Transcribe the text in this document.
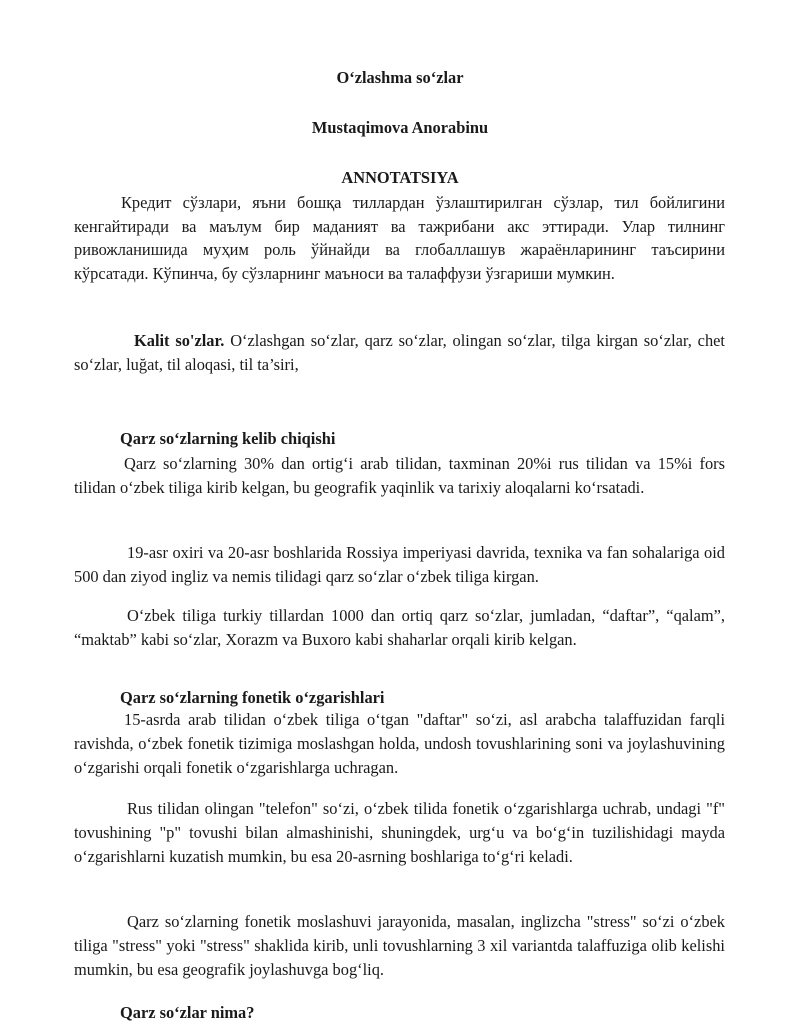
O‘zlashma so‘zlar
Mustaqimova Anorabinu
ANNOTATSIYA

Кредит сўзлари, яъни бошқа тиллардан ўзлаштирилган сўзлар, тил бойлигини кенгайтиради ва маълум бир маданият ва тажрибани акс эттиради. Улар тилнинг ривожланишида муҳим роль ўйнайди ва глобаллашув жараёнларининг таъсирини кўрсатади. Кўпинча, бу сўзларнинг маъноси ва талаффузи ўзгариши мумкин.

Kalit so'zlar. O‘zlashgan so‘zlar, qarz so‘zlar, olingan so‘zlar, tilga kirgan so‘zlar, chet so‘zlar, luğat, til aloqasi, til ta’siri,

Qarz so‘zlarning kelib chiqishi

Qarz so‘zlarning 30% dan ortig‘i arab tilidan, taxminan 20%i rus tilidan va 15%i fors tilidan o‘zbek tiliga kirib kelgan, bu geografik yaqinlik va tarixiy aloqalarni ko‘rsatadi.

19-asr oxiri va 20-asr boshlarida Rossiya imperiyasi davrida, texnika va fan sohalariga oid 500 dan ziyod ingliz va nemis tilidagi qarz so‘zlar o‘zbek tiliga kirgan.

O‘zbek tiliga turkiy tillardan 1000 dan ortiq qarz so‘zlar, jumladan, “daftar”, “qalam”, “maktab” kabi so‘zlar, Xorazm va Buxoro kabi shaharlar orqali kirib kelgan.

Qarz so‘zlarning fonetik o‘zgarishlari

15-asrda arab tilidan o‘zbek tiliga o‘tgan "daftar" so‘zi, asl arabcha talaffuzidan farqli ravishda, o‘zbek fonetik tizimiga moslashgan holda, undosh tovushlarining soni va joylashuvining o‘zgarishi orqali fonetik o‘zgarishlarga uchragan.

Rus tilidan olingan "telefon" so‘zi, o‘zbek tilida fonetik o‘zgarishlarga uchrab, undagi "f" tovushining "p" tovushi bilan almashinishi, shuningdek, urg‘u va bo‘g‘in tuzilishidagi mayda o‘zgarishlarni kuzatish mumkin, bu esa 20-asrning boshlariga to‘g‘ri keladi.

Qarz so‘zlarning fonetik moslashuvi jarayonida, masalan, inglizcha "stress" so‘zi o‘zbek tiliga "stress" yoki "stress" shaklida kirib, unli tovushlarning 3 xil variantda talaffuziga olib kelishi mumkin, bu esa geografik joylashuvga bog‘liq.

Qarz so‘zlar nima?
